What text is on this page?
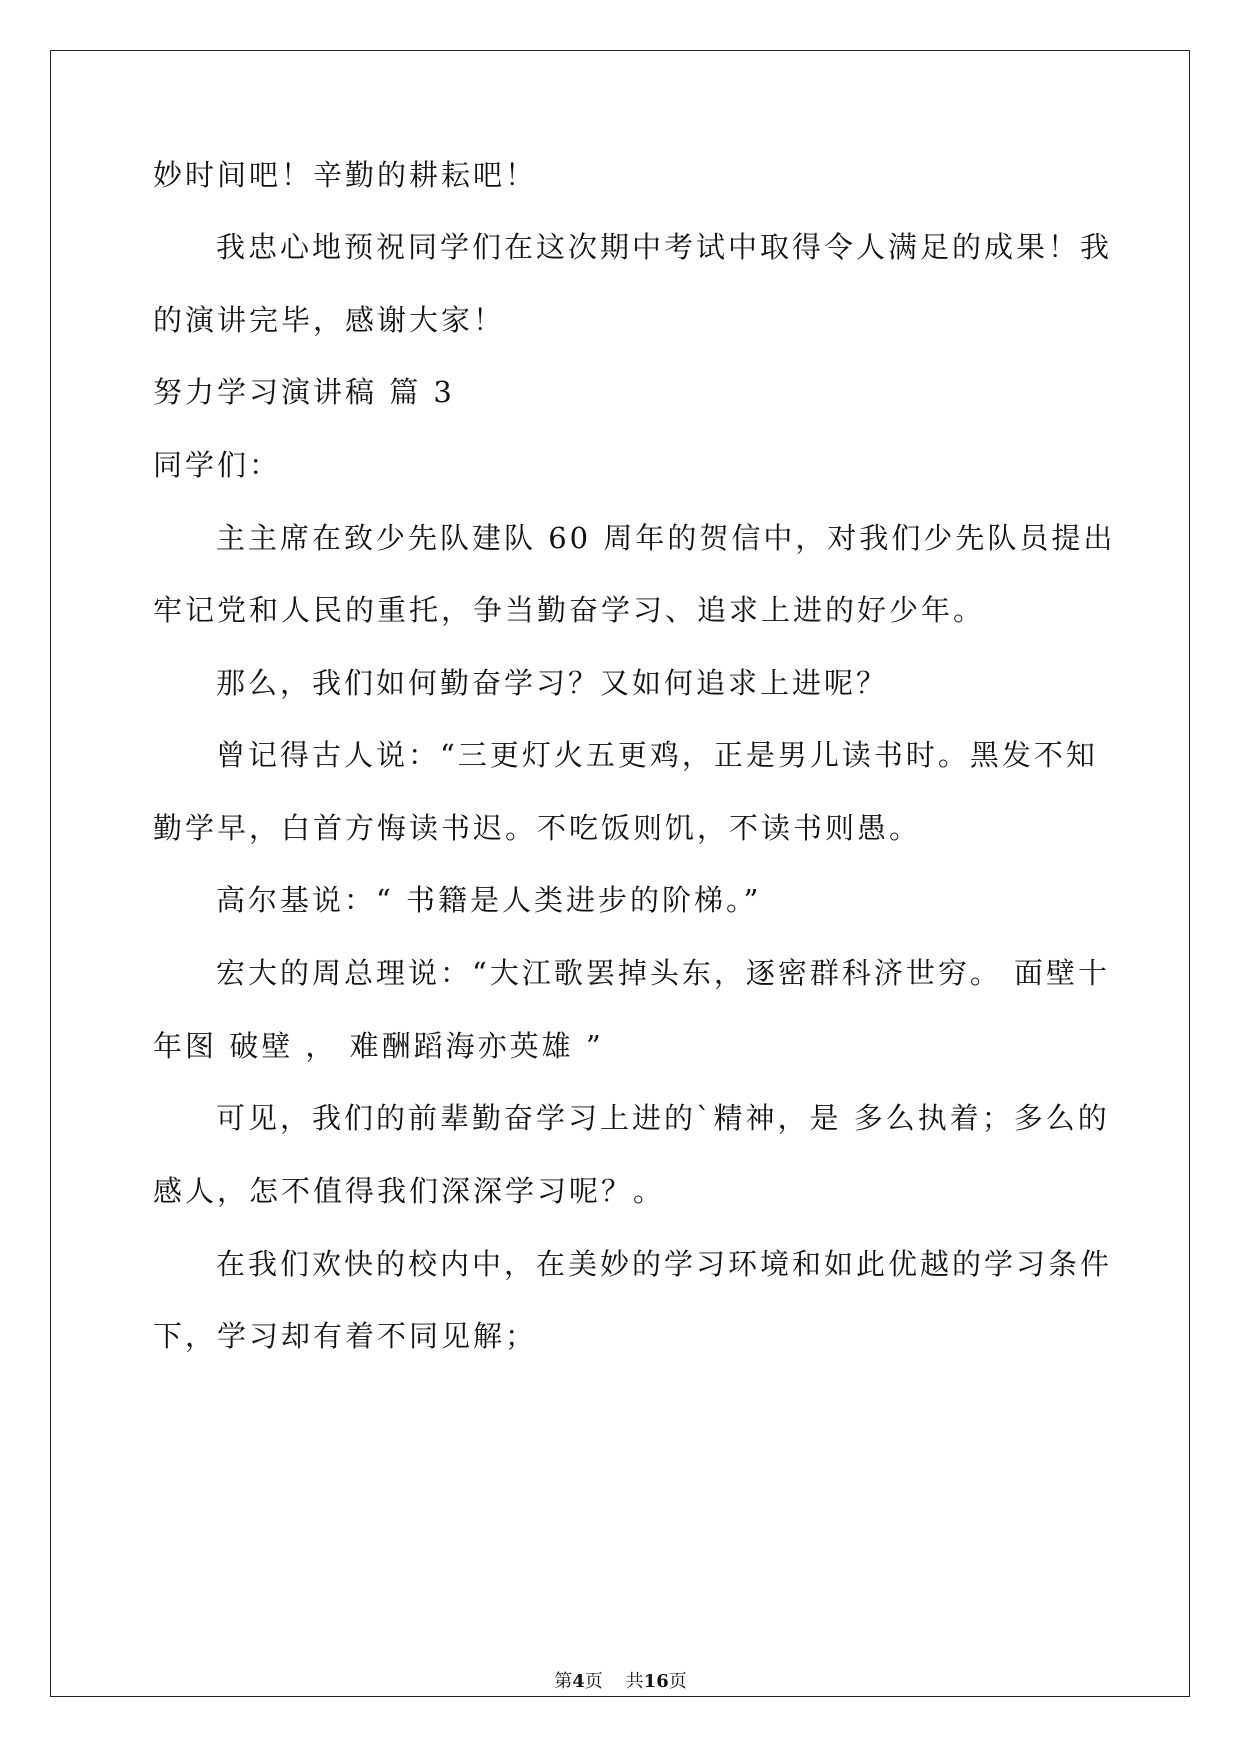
妙时间吧！辛勤的耕耘吧！
我忠心地预祝同学们在这次期中考试中取得令人满足的成果！我
的演讲完毕，感谢大家！
努力学习演讲稿 篇 3
同学们：
主主席在致少先队建队 60 周年的贺信中，对我们少先队员提出
牢记党和人民的重托，争当勤奋学习、追求上进的好少年。
那么，我们如何勤奋学习？又如何追求上进呢？
曾记得古人说：“三更灯火五更鸡，正是男儿读书时。黑发不知
勤学早，白首方悔读书迟。不吃饭则饥，不读书则愚。
高尔基说：“ 书籍是人类进步的阶梯。”
宏大的周总理说：“大江歌罢掉头东，逐密群科济世穷。 面壁十
年图 破壁 ， 难酬蹈海亦英雄 ”
可见，我们的前辈勤奋学习上进的`精神，是 多么执着；多么的
感人，怎不值得我们深深学习呢？。
在我们欢快的校内中，在美妙的学习环境和如此优越的学习条件
下，学习却有着不同见解；
第4页 共16页
